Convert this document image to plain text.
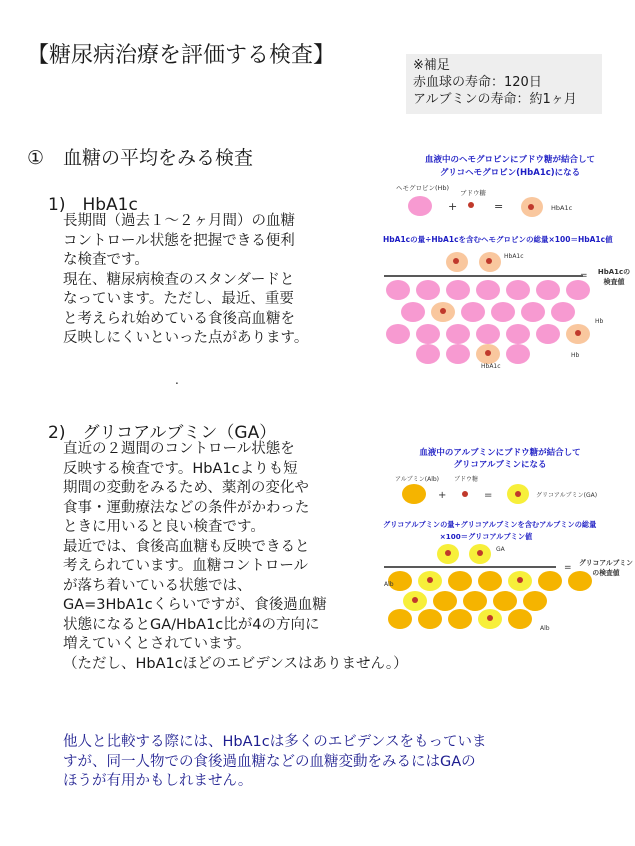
【糖尿病治療を評価する検査】	※補足
赤血球の寿命：120日
アルブミンの寿命：約1ヶ月
①　血糖の平均をみる検査
1)　HbA1c
長期間（過去１～２ヶ月間）の血糖
コントロール状態を把握できる便利
な検査です。
現在、糖尿病検査のスタンダードと
なっています。ただし、最近、重要
と考えられ始めている食後高血糖を
反映しにくいといった点があります。
.
血液中のヘモグロビンにブドウ糖が結合して
グリコヘモグロビン(HbA1c)になる
ヘモグロビン(Hb)
ブドウ糖
+	=	HbA1c
HbA1cの量÷HbA1cを含むヘモグロビンの総量×100＝HbA1c値
HbA1c
= HbA1cの
検査値
Hb
Hb
HbA1c
2)　グリコアルブミン（GA）
直近の２週間のコントロール状態を
反映する検査です。HbA1cよりも短
期間の変動をみるため、薬剤の変化や
食事・運動療法などの条件がかわった
ときに用いると良い検査です。
最近では、食後高血糖も反映できると
考えられています。血糖コントロール
が落ち着いている状態では、
GA=3HbA1cくらいですが、食後過血糖
状態になるとGA/HbA1c比が4の方向に
増えていくとされています。
（ただし、HbA1cほどのエビデンスはありません。）
血液中のアルブミンにブドウ糖が結合して
グリコアルブミンになる
アルブミン(Alb) ブドウ糖
+	=	グリコアルブミン(GA)
グリコアルブミンの量÷グリコアルブミンを含むアルブミンの総量
×100＝グリコアルブミン値
GA
= グリコアルブミン
の検査値
Alb
Alb
他人と比較する際には、HbA1cは多くのエビデンスをもっていま
すが、同一人物での食後過血糖などの血糖変動をみるにはGAの
ほうが有用かもしれません。
